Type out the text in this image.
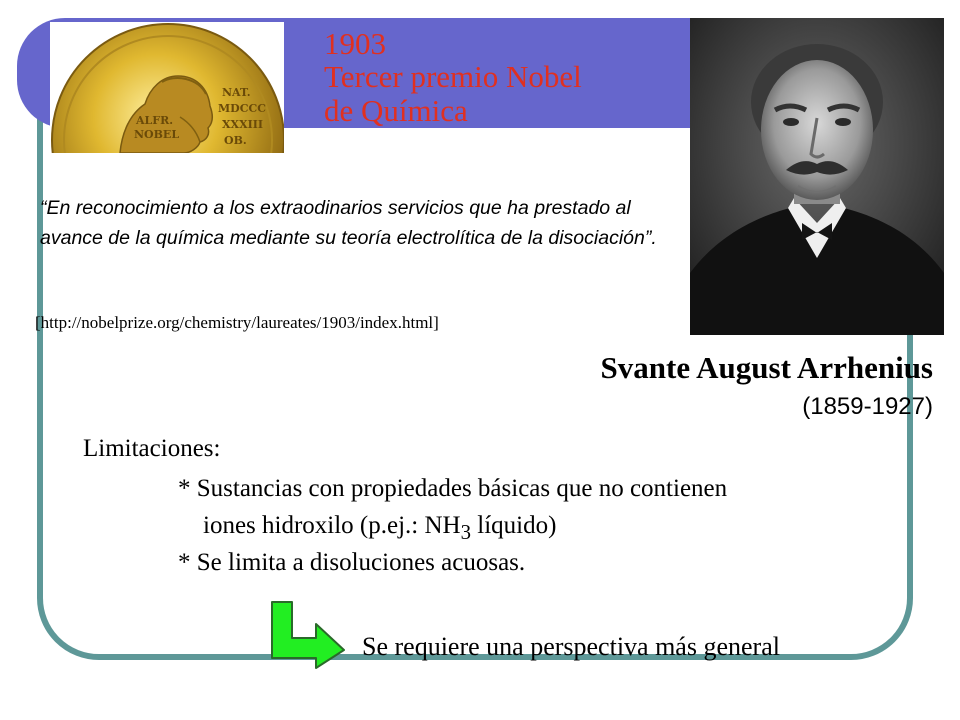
ALFR.
NOBEL
NAT.
MDCCC
XXXIII
OB.
1903
Tercer premio Nobel
de Química

“En reconocimiento a los extraodinarios servicios que ha prestado al avance de la química mediante su teoría electrolítica de la disociación”.

[http://nobelprize.org/chemistry/laureates/1903/index.html]
Svante August Arrhenius
(1859-1927)
Limitaciones:
* Sustancias con propiedades básicas que no contienen
iones hidroxilo (p.ej.: $NH_3$ líquido)
* Se limita a disoluciones acuosas.
Se requiere una perspectiva más general
